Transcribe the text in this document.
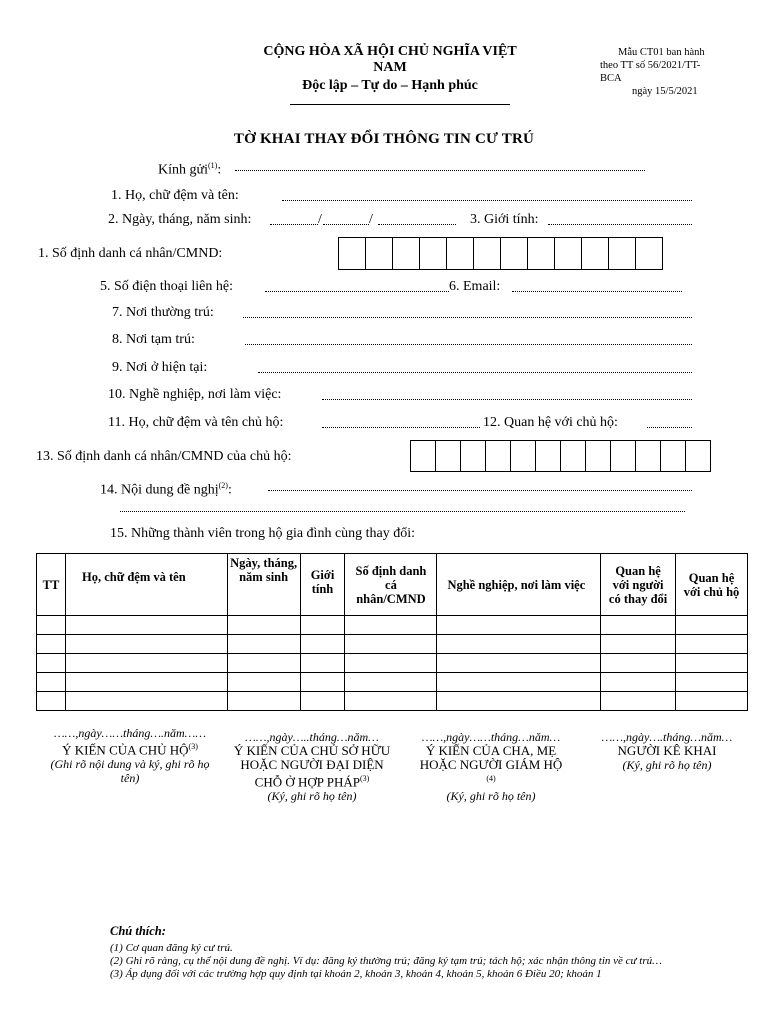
CỘNG HÒA XÃ HỘI CHỦ NGHĨA VIỆT
NAM
Độc lập – Tự do – Hạnh phúc
Mẫu CT01 ban hành
theo TT số 56/2021/TT-
BCA
ngày 15/5/2021
TỜ KHAI THAY ĐỔI THÔNG TIN CƯ TRÚ
Kính gửi$^{(1)}$:
1. Họ, chữ đệm và tên:
2. Ngày, tháng, năm sinh:	/	/	3. Giới tính:
1. Số định danh cá nhân/CMND:
5. Số điện thoại liên hệ:	6. Email:
7. Nơi thường trú:
8. Nơi tạm trú:
9. Nơi ở hiện tại:
10. Nghề nghiệp, nơi làm việc:
11. Họ, chữ đệm và tên chủ hộ:	12. Quan hệ với chủ hộ:
13. Số định danh cá nhân/CMND của chủ hộ:
14. Nội dung đề nghị$^{(2)}$:
15. Những thành viên trong hộ gia đình cùng thay đổi:
TT	Họ, chữ đệm và tên	Ngày, tháng, năm sinh	Giới tính	Số định danh cá nhân/CMND	Nghề nghiệp, nơi làm việc	Quan hệ với người có thay đổi	Quan hệ với chủ hộ

……,ngày……tháng….năm……
Ý KIẾN CỦA CHỦ HỘ$^{(3)}$
(Ghi rõ nội dung và ký, ghi rõ họ tên)
……,ngày…..tháng…năm…
Ý KIẾN CỦA CHỦ SỞ HỮU HOẶC NGƯỜI ĐẠI DIỆN CHỖ Ở HỢP PHÁP$^{(3)}$
(Ký, ghi rõ họ tên)
……,ngày……tháng…năm…
Ý KIẾN CỦA CHA, MẸ HOẶC NGƯỜI GIÁM HỘ
$^{(4)}$
(Ký, ghi rõ họ tên)
……,ngày….tháng…năm…
NGƯỜI KÊ KHAI
(Ký, ghi rõ họ tên)
Chú thích:
(1) Cơ quan đăng ký cư trú.
(2) Ghi rõ ràng, cụ thể nội dung đề nghị. Ví dụ: đăng ký thường trú; đăng ký tạm trú; tách hộ; xác nhận thông tin về cư trú…
(3) Áp dụng đối với các trường hợp quy định tại khoản 2, khoản 3, khoản 4, khoản 5, khoản 6 Điều 20; khoản 1
